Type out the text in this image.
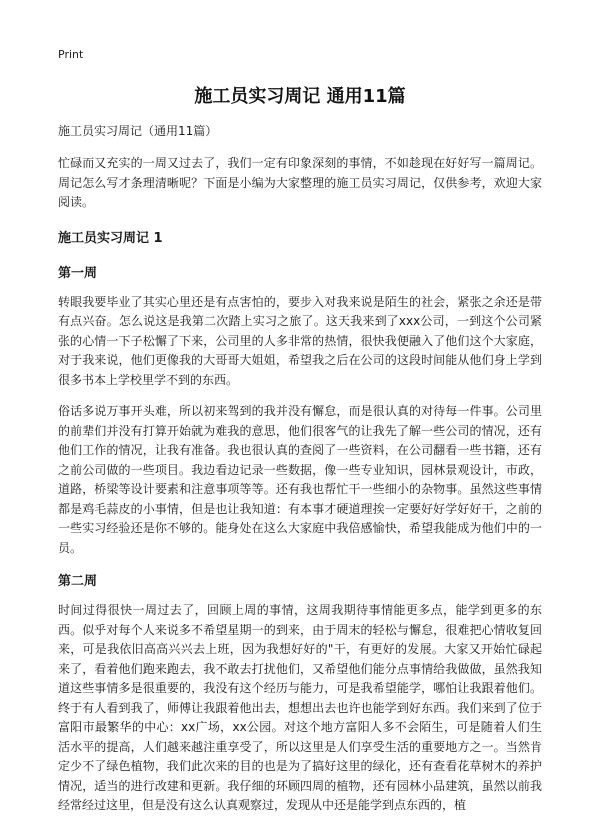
Print
施工员实习周记 通用11篇
施工员实习周记（通用11篇）

忙碌而又充实的一周又过去了，我们一定有印象深刻的事情，不如趁现在好好写一篇周记。周记怎么写才条理清晰呢？下面是小编为大家整理的施工员实习周记，仅供参考，欢迎大家阅读。

施工员实习周记 1
第一周

转眼我要毕业了其实心里还是有点害怕的，要步入对我来说是陌生的社会，紧张之余还是带有点兴奋。怎么说这是我第二次踏上实习之旅了。这天我来到了xxx公司，一到这个公司紧张的心情一下子松懈了下来，公司里的人多非常的热情，很快我便融入了他们这个大家庭，对于我来说，他们更像我的大哥哥大姐姐，希望我之后在公司的这段时间能从他们身上学到很多书本上学校里学不到的东西。

俗话多说万事开头难，所以初来驾到的我并没有懈怠，而是很认真的对待每一件事。公司里的前辈们并没有打算开始就为难我的意思，他们很客气的让我先了解一些公司的情况，还有他们工作的情况，让我有准备。我也很认真的查阅了一些资料，在公司翻看一些书籍，还有之前公司做的一些项目。我边看边记录一些数据，像一些专业知识，园林景观设计，市政，道路，桥梁等设计要素和注意事项等等。还有我也帮忙干一些细小的杂物事。虽然这些事情都是鸡毛蒜皮的小事情，但是也让我知道：有本事才硬道理挨一定要好好学好好干，之前的一些实习经验还是你不够的。能身处在这么大家庭中我倍感愉快，希望我能成为他们中的一员。

第二周

时间过得很快一周过去了，回顾上周的事情，这周我期待事情能更多点，能学到更多的东西。似乎对每个人来说多不希望星期一的到来，由于周末的轻松与懈怠，很难把心情收复回来，可是我依旧高高兴兴去上班，因为我想好好的"干，有更好的发展。大家又开始忙碌起来了，看着他们跑来跑去，我不敢去打扰他们，又希望他们能分点事情给我做做，虽然我知道这些事情多是很重要的，我没有这个经历与能力，可是我希望能学，哪怕让我跟着他们。终于有人看到我了，师傅让我跟着他出去，想想出去也许也能学到好东西。我们来到了位于富阳市最繁华的中心：xx广场，xx公园。对这个地方富阳人多不会陌生，可是随着人们生活水平的提高，人们越来越注重享受了，所以这里是人们享受生活的重要地方之一。当然肯定少不了绿色植物，我们此次来的目的也是为了搞好这里的绿化，还有查看花草树木的养护情况，适当的进行改建和更新。我仔细的环顾四周的植物，还有园林小品建筑，虽然以前我经常经过这里，但是没有这么认真观察过，发现从中还是能学到点东西的，植
